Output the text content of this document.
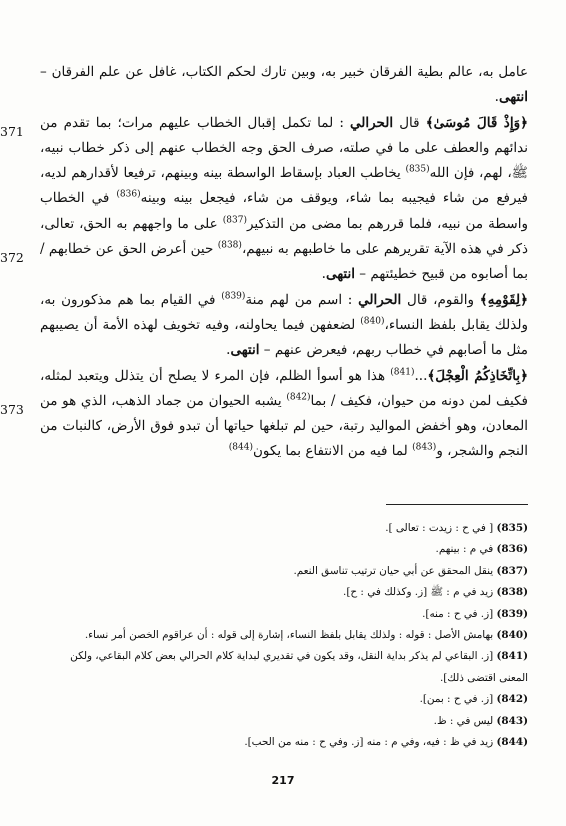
371
372
373

عامل به، عالم بطية الفرقان خبير به، وبين تارك لحكم الكتاب، غافل عن علم الفرقان – انتهى.

﴿وَإِذْ قَالَ مُوسَىٰ﴾ قال الحرالي : لما تكمل إقبال الخطاب عليهم مرات؛ بما تقدم من ندائهم والعطف على ما في صلته، صرف الحق وجه الخطاب عنهم إلى ذكر خطاب نبيه، ﷺ، لهم، فإن الله$^{(835)}$ يخاطب العباد بإسقاط الواسطة بينه وبينهم، ترفيعا لأقدارهم لديه، فيرفع من شاء فيجيبه بما شاء، ويوقف من شاء، فيجعل بينه وبينه$^{(836)}$ في الخطاب واسطة من نبيه، فلما قررهم بما مضى من التذكير$^{(837)}$ على ما واجههم به الحق، تعالى، ذكر في هذه الآية تقريرهم على ما خاطبهم به نبيهم،$^{(838)}$ حين أعرض الحق عن خطابهم / بما أصابوه من قبيح خطيئتهم – انتهى.

﴿لِقَوْمِهِ﴾ والقوم، قال الحرالي : اسم من لهم منة$^{(839)}$ في القيام بما هم مذكورون به، ولذلك يقابل بلفظ النساء،$^{(840)}$ لضعفهن فيما يحاولنه، وفيه تخويف لهذه الأمة أن يصيبهم مثل ما أصابهم في خطاب ربهم، فيعرض عنهم – انتهى.

﴿بِاتِّخَاذِكُمُ الْعِجْلَ﴾...$^{(841)}$ هذا هو أسوأ الظلم، فإن المرء لا يصلح أن يتذلل ويتعبد لمثله، فكيف لمن دونه من حيوان، فكيف / بما$^{(842)}$ يشبه الحيوان من جماد الذهب، الذي هو من المعادن، وهو أخفض المواليد رتبة، حين لم تبلغها حياتها أن تبدو فوق الأرض، كالنبات من النجم والشجر، و$^{(843)}$ لما فيه من الانتفاع بما يكون$^{(844)}$

(835) [ في ح : زيدت : تعالى ].

(836) في م : بينهم.

(837) ينقل المحقق عن أبي حيان ترتيب تناسق النعم.

(838) زيد في م : ﷺ [ز. وكذلك في : ح].

(839) [ز. في ح : منه].

(840) بهامش الأصل : قوله : ولذلك يقابل بلفظ النساء، إشارة إلى قوله : أن عراقوم الخصن أمر نساء.

(841) [ز. البقاعي لم يذكر بداية النقل، وقد يكون في تقديري لبداية كلام الحرالي بعض كلام البقاعي، ولكن المعنى اقتضى ذلك].

(842) [ز. في ح : بمن].

(843) ليس في : ظ.

(844) زيد في ظ : فيه، وفي م : منه [ز. وفي ح : منه من الحب].

217
